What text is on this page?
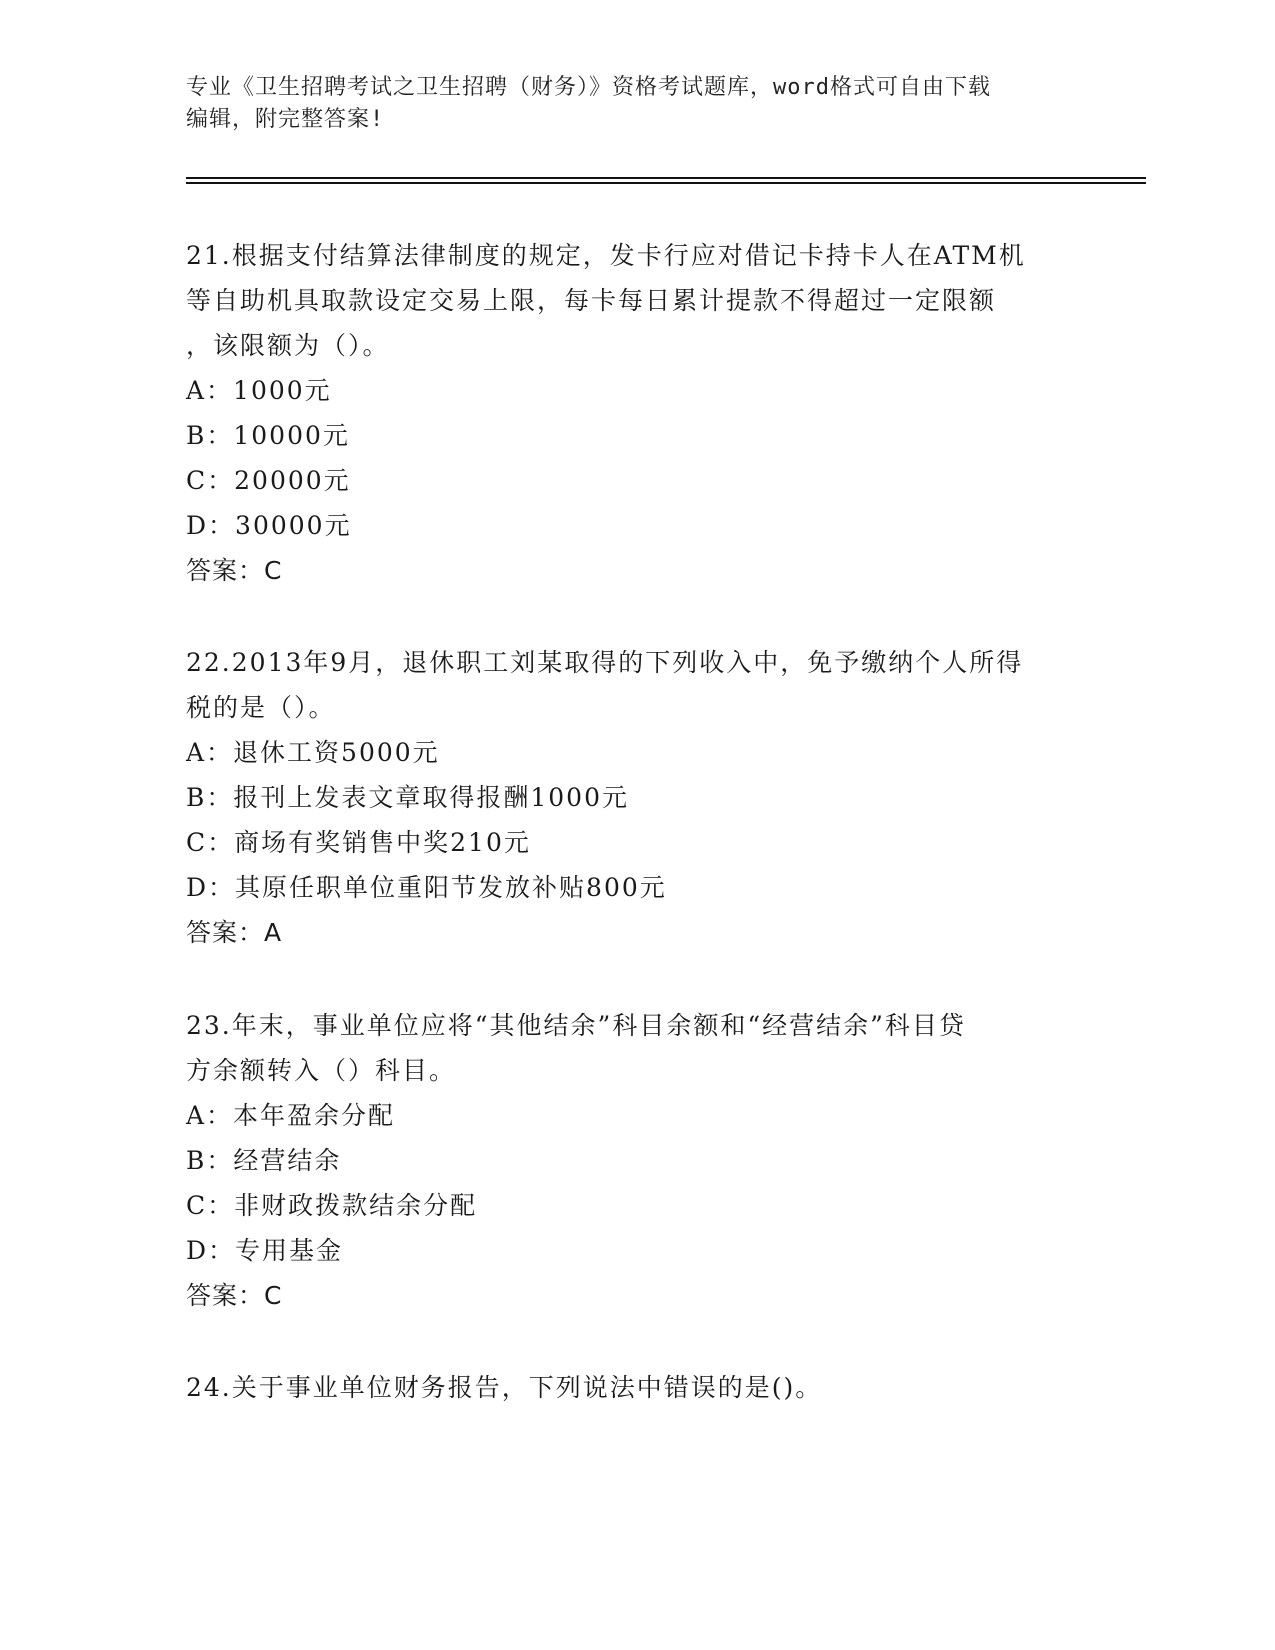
专业《卫生招聘考试之卫生招聘（财务）》资格考试题库，word格式可自由下载

编辑，附完整答案!

21.根据支付结算法律制度的规定，发卡行应对借记卡持卡人在ATM机

等自助机具取款设定交易上限，每卡每日累计提款不得超过一定限额

，该限额为（）。

A：1000元

B：10000元

C：20000元

D：30000元

答案：C

22.2013年9月，退休职工刘某取得的下列收入中，免予缴纳个人所得

税的是（）。

A：退休工资5000元

B：报刊上发表文章取得报酬1000元

C：商场有奖销售中奖210元

D：其原任职单位重阳节发放补贴800元

答案：A

23.年末，事业单位应将“其他结余”科目余额和“经营结余”科目贷

方余额转入（）科目。

A：本年盈余分配

B：经营结余

C：非财政拨款结余分配

D：专用基金

答案：C

24.关于事业单位财务报告，下列说法中错误的是()。
